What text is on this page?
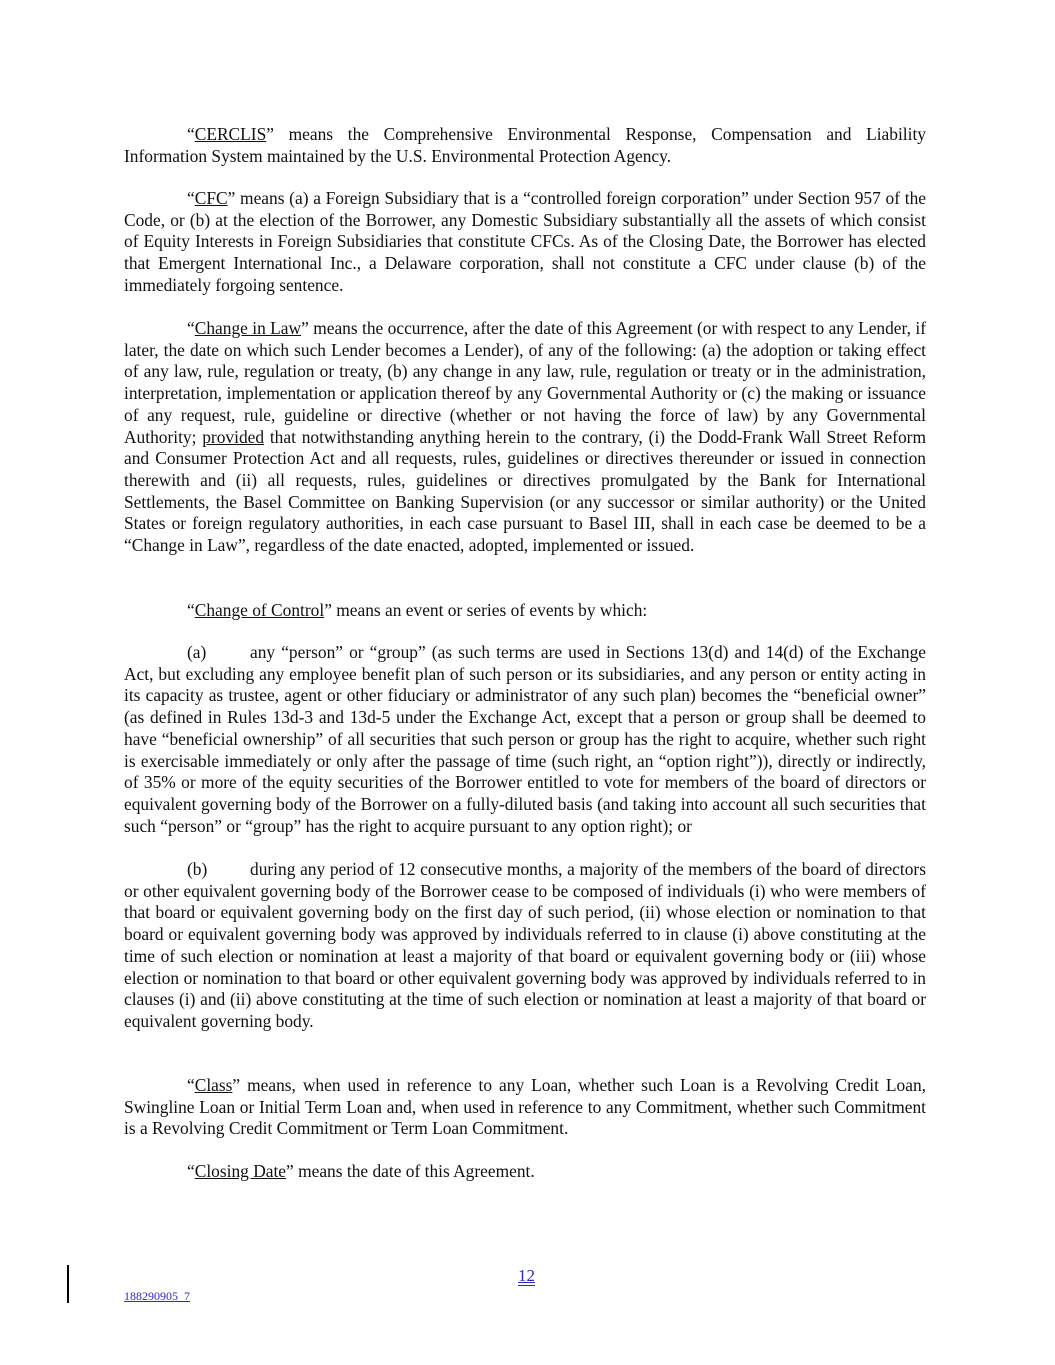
“CERCLIS” means the Comprehensive Environmental Response, Compensation and Liability Information System maintained by the U.S. Environmental Protection Agency.
“CFC” means (a) a Foreign Subsidiary that is a “controlled foreign corporation” under Section 957 of the Code, or (b) at the election of the Borrower, any Domestic Subsidiary substantially all the assets of which consist of Equity Interests in Foreign Subsidiaries that constitute CFCs. As of the Closing Date, the Borrower has elected that Emergent International Inc., a Delaware corporation, shall not constitute a CFC under clause (b) of the immediately forgoing sentence.
“Change in Law” means the occurrence, after the date of this Agreement (or with respect to any Lender, if later, the date on which such Lender becomes a Lender), of any of the following: (a) the adoption or taking effect of any law, rule, regulation or treaty, (b) any change in any law, rule, regulation or treaty or in the administration, interpretation, implementation or application thereof by any Governmental Authority or (c) the making or issuance of any request, rule, guideline or directive (whether or not having the force of law) by any Governmental Authority; provided that notwithstanding anything herein to the contrary, (i) the Dodd-Frank Wall Street Reform and Consumer Protection Act and all requests, rules, guidelines or directives thereunder or issued in connection therewith and (ii) all requests, rules, guidelines or directives promulgated by the Bank for International Settlements, the Basel Committee on Banking Supervision (or any successor or similar authority) or the United States or foreign regulatory authorities, in each case pursuant to Basel III, shall in each case be deemed to be a “Change in Law”, regardless of the date enacted, adopted, implemented or issued.
“Change of Control” means an event or series of events by which:
(a)	any “person” or “group” (as such terms are used in Sections 13(d) and 14(d) of the Exchange Act, but excluding any employee benefit plan of such person or its subsidiaries, and any person or entity acting in its capacity as trustee, agent or other fiduciary or administrator of any such plan) becomes the “beneficial owner” (as defined in Rules 13d-3 and 13d-5 under the Exchange Act, except that a person or group shall be deemed to have “beneficial ownership” of all securities that such person or group has the right to acquire, whether such right is exercisable immediately or only after the passage of time (such right, an “option right”)), directly or indirectly, of 35% or more of the equity securities of the Borrower entitled to vote for members of the board of directors or equivalent governing body of the Borrower on a fully-diluted basis (and taking into account all such securities that such “person” or “group” has the right to acquire pursuant to any option right); or
(b) during any period of 12 consecutive months, a majority of the members of the board of directors or other equivalent governing body of the Borrower cease to be composed of individuals (i) who were members of that board or equivalent governing body on the first day of such period, (ii) whose election or nomination to that board or equivalent governing body was approved by individuals referred to in clause (i) above constituting at the time of such election or nomination at least a majority of that board or equivalent governing body or (iii) whose election or nomination to that board or other equivalent governing body was approved by individuals referred to in clauses (i) and (ii) above constituting at the time of such election or nomination at least a majority of that board or equivalent governing body.
“Class” means, when used in reference to any Loan, whether such Loan is a Revolving Credit Loan, Swingline Loan or Initial Term Loan and, when used in reference to any Commitment, whether such Commitment is a Revolving Credit Commitment or Term Loan Commitment.
“Closing Date” means the date of this Agreement.
12
188290905_7
